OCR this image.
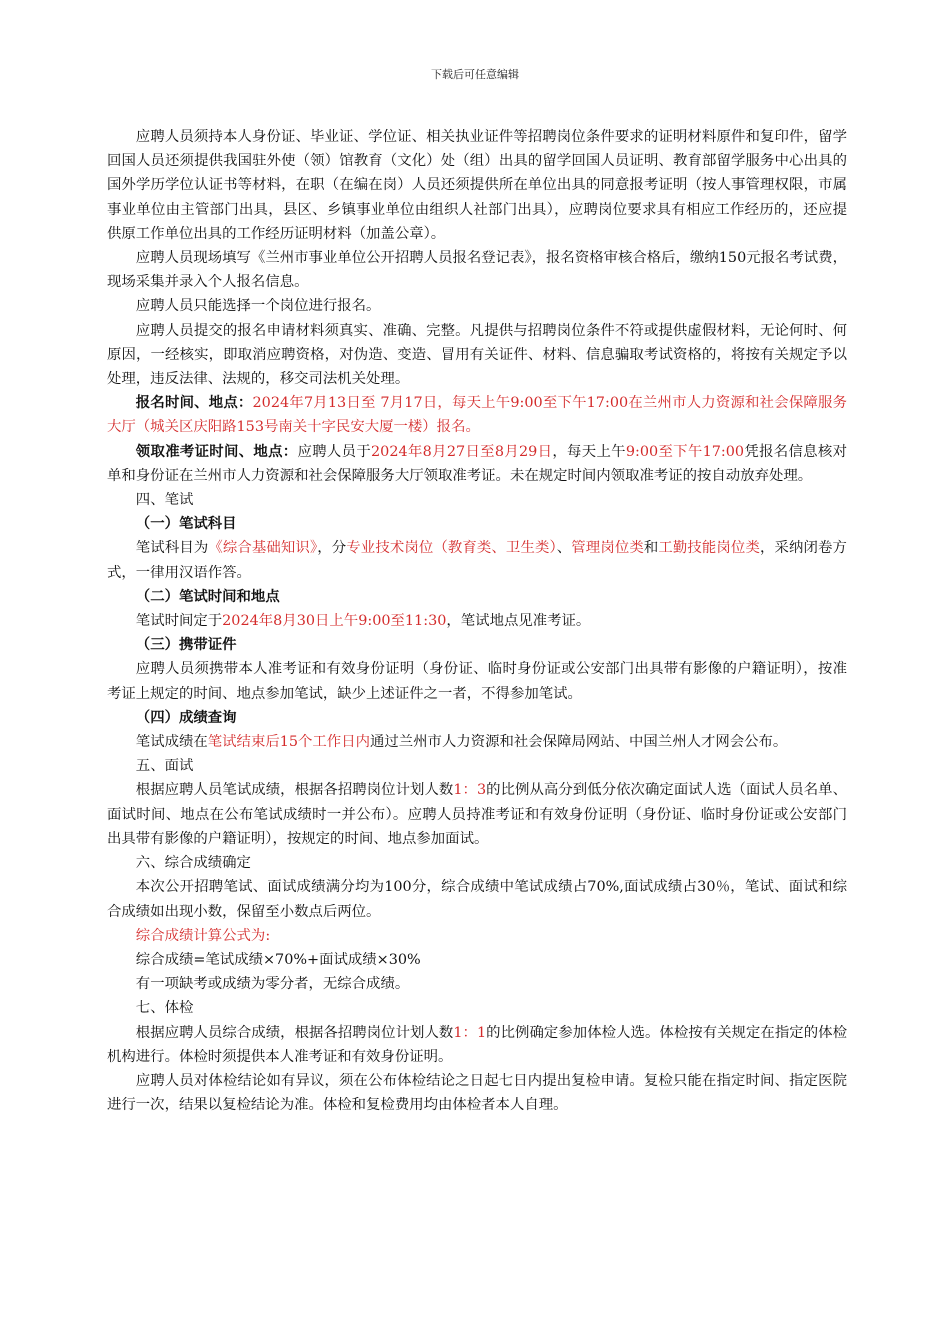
下载后可任意编辑

应聘人员须持本人身份证、毕业证、学位证、相关执业证件等招聘岗位条件要求的证明材料原件和复印件，留学回国人员还须提供我国驻外使（领）馆教育（文化）处（组）出具的留学回国人员证明、教育部留学服务中心出具的国外学历学位认证书等材料，在职（在编在岗）人员还须提供所在单位出具的同意报考证明（按人事管理权限，市属事业单位由主管部门出具，县区、乡镇事业单位由组织人社部门出具），应聘岗位要求具有相应工作经历的，还应提供原工作单位出具的工作经历证明材料（加盖公章）。

应聘人员现场填写《兰州市事业单位公开招聘人员报名登记表》，报名资格审核合格后，缴纳150元报名考试费，现场采集并录入个人报名信息。

应聘人员只能选择一个岗位进行报名。

应聘人员提交的报名申请材料须真实、准确、完整。凡提供与招聘岗位条件不符或提供虚假材料，无论何时、何原因，一经核实，即取消应聘资格，对伪造、变造、冒用有关证件、材料、信息骗取考试资格的，将按有关规定予以处理，违反法律、法规的，移交司法机关处理。

报名时间、地点：2024年7月13日至 7月17日，每天上午9:00至下午17:00在兰州市人力资源和社会保障服务大厅（城关区庆阳路153号南关十字民安大厦一楼）报名。

领取准考证时间、地点：应聘人员于2024年8月27日至8月29日，每天上午9:00至下午17:00凭报名信息核对单和身份证在兰州市人力资源和社会保障服务大厅领取准考证。未在规定时间内领取准考证的按自动放弃处理。

四、笔试

（一）笔试科目

笔试科目为《综合基础知识》，分专业技术岗位（教育类、卫生类）、管理岗位类和工勤技能岗位类，采纳闭卷方式，一律用汉语作答。

（二）笔试时间和地点

笔试时间定于2024年8月30日上午9:00至11:30，笔试地点见准考证。

（三）携带证件

应聘人员须携带本人准考证和有效身份证明（身份证、临时身份证或公安部门出具带有影像的户籍证明），按准考证上规定的时间、地点参加笔试，缺少上述证件之一者，不得参加笔试。

（四）成绩查询

笔试成绩在笔试结束后15个工作日内通过兰州市人力资源和社会保障局网站、中国兰州人才网会公布。

五、面试

根据应聘人员笔试成绩，根据各招聘岗位计划人数1：3的比例从高分到低分依次确定面试人选（面试人员名单、面试时间、地点在公布笔试成绩时一并公布）。应聘人员持准考证和有效身份证明（身份证、临时身份证或公安部门出具带有影像的户籍证明），按规定的时间、地点参加面试。

六、综合成绩确定

本次公开招聘笔试、面试成绩满分均为100分，综合成绩中笔试成绩占70%,面试成绩占30％，笔试、面试和综合成绩如出现小数，保留至小数点后两位。

综合成绩计算公式为:

综合成绩=笔试成绩×70%+面试成绩×30%

有一项缺考或成绩为零分者，无综合成绩。

七、体检

根据应聘人员综合成绩，根据各招聘岗位计划人数1：1的比例确定参加体检人选。体检按有关规定在指定的体检机构进行。体检时须提供本人准考证和有效身份证明。

应聘人员对体检结论如有异议，须在公布体检结论之日起七日内提出复检申请。复检只能在指定时间、指定医院进行一次，结果以复检结论为准。体检和复检费用均由体检者本人自理。
